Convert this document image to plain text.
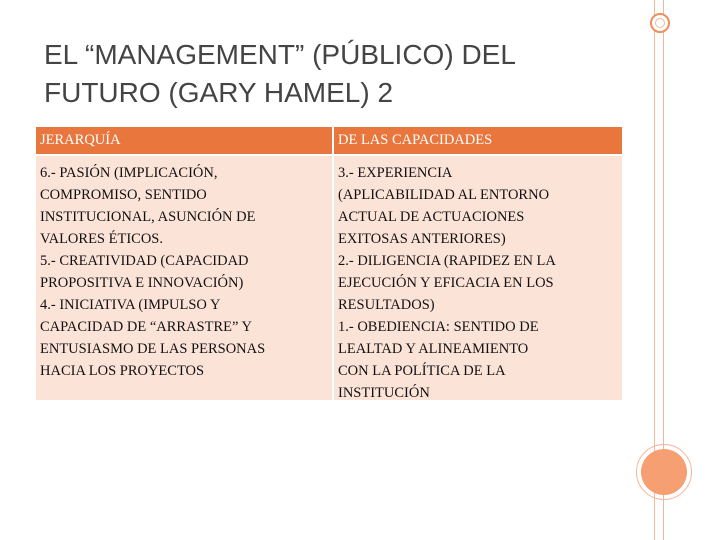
EL “MANAGEMENT” (PÚBLICO) DEL
FUTURO (GARY HAMEL) 2
JERARQUÍA	DE LAS CAPACIDADES
6.- PASIÓN (IMPLICACIÓN,
COMPROMISO, SENTIDO
INSTITUCIONAL, ASUNCIÓN DE
VALORES ÉTICOS.
5.- CREATIVIDAD (CAPACIDAD
PROPOSITIVA E INNOVACIÓN)
4.- INICIATIVA (IMPULSO Y
CAPACIDAD DE “ARRASTRE” Y
ENTUSIASMO DE LAS PERSONAS
HACIA LOS PROYECTOS
3.- EXPERIENCIA
(APLICABILIDAD AL ENTORNO
ACTUAL DE ACTUACIONES
EXITOSAS ANTERIORES)
2.- DILIGENCIA (RAPIDEZ EN LA
EJECUCIÓN Y EFICACIA EN LOS
RESULTADOS)
1.- OBEDIENCIA: SENTIDO DE
LEALTAD Y ALINEAMIENTO
CON LA POLÍTICA DE LA
INSTITUCIÓN
